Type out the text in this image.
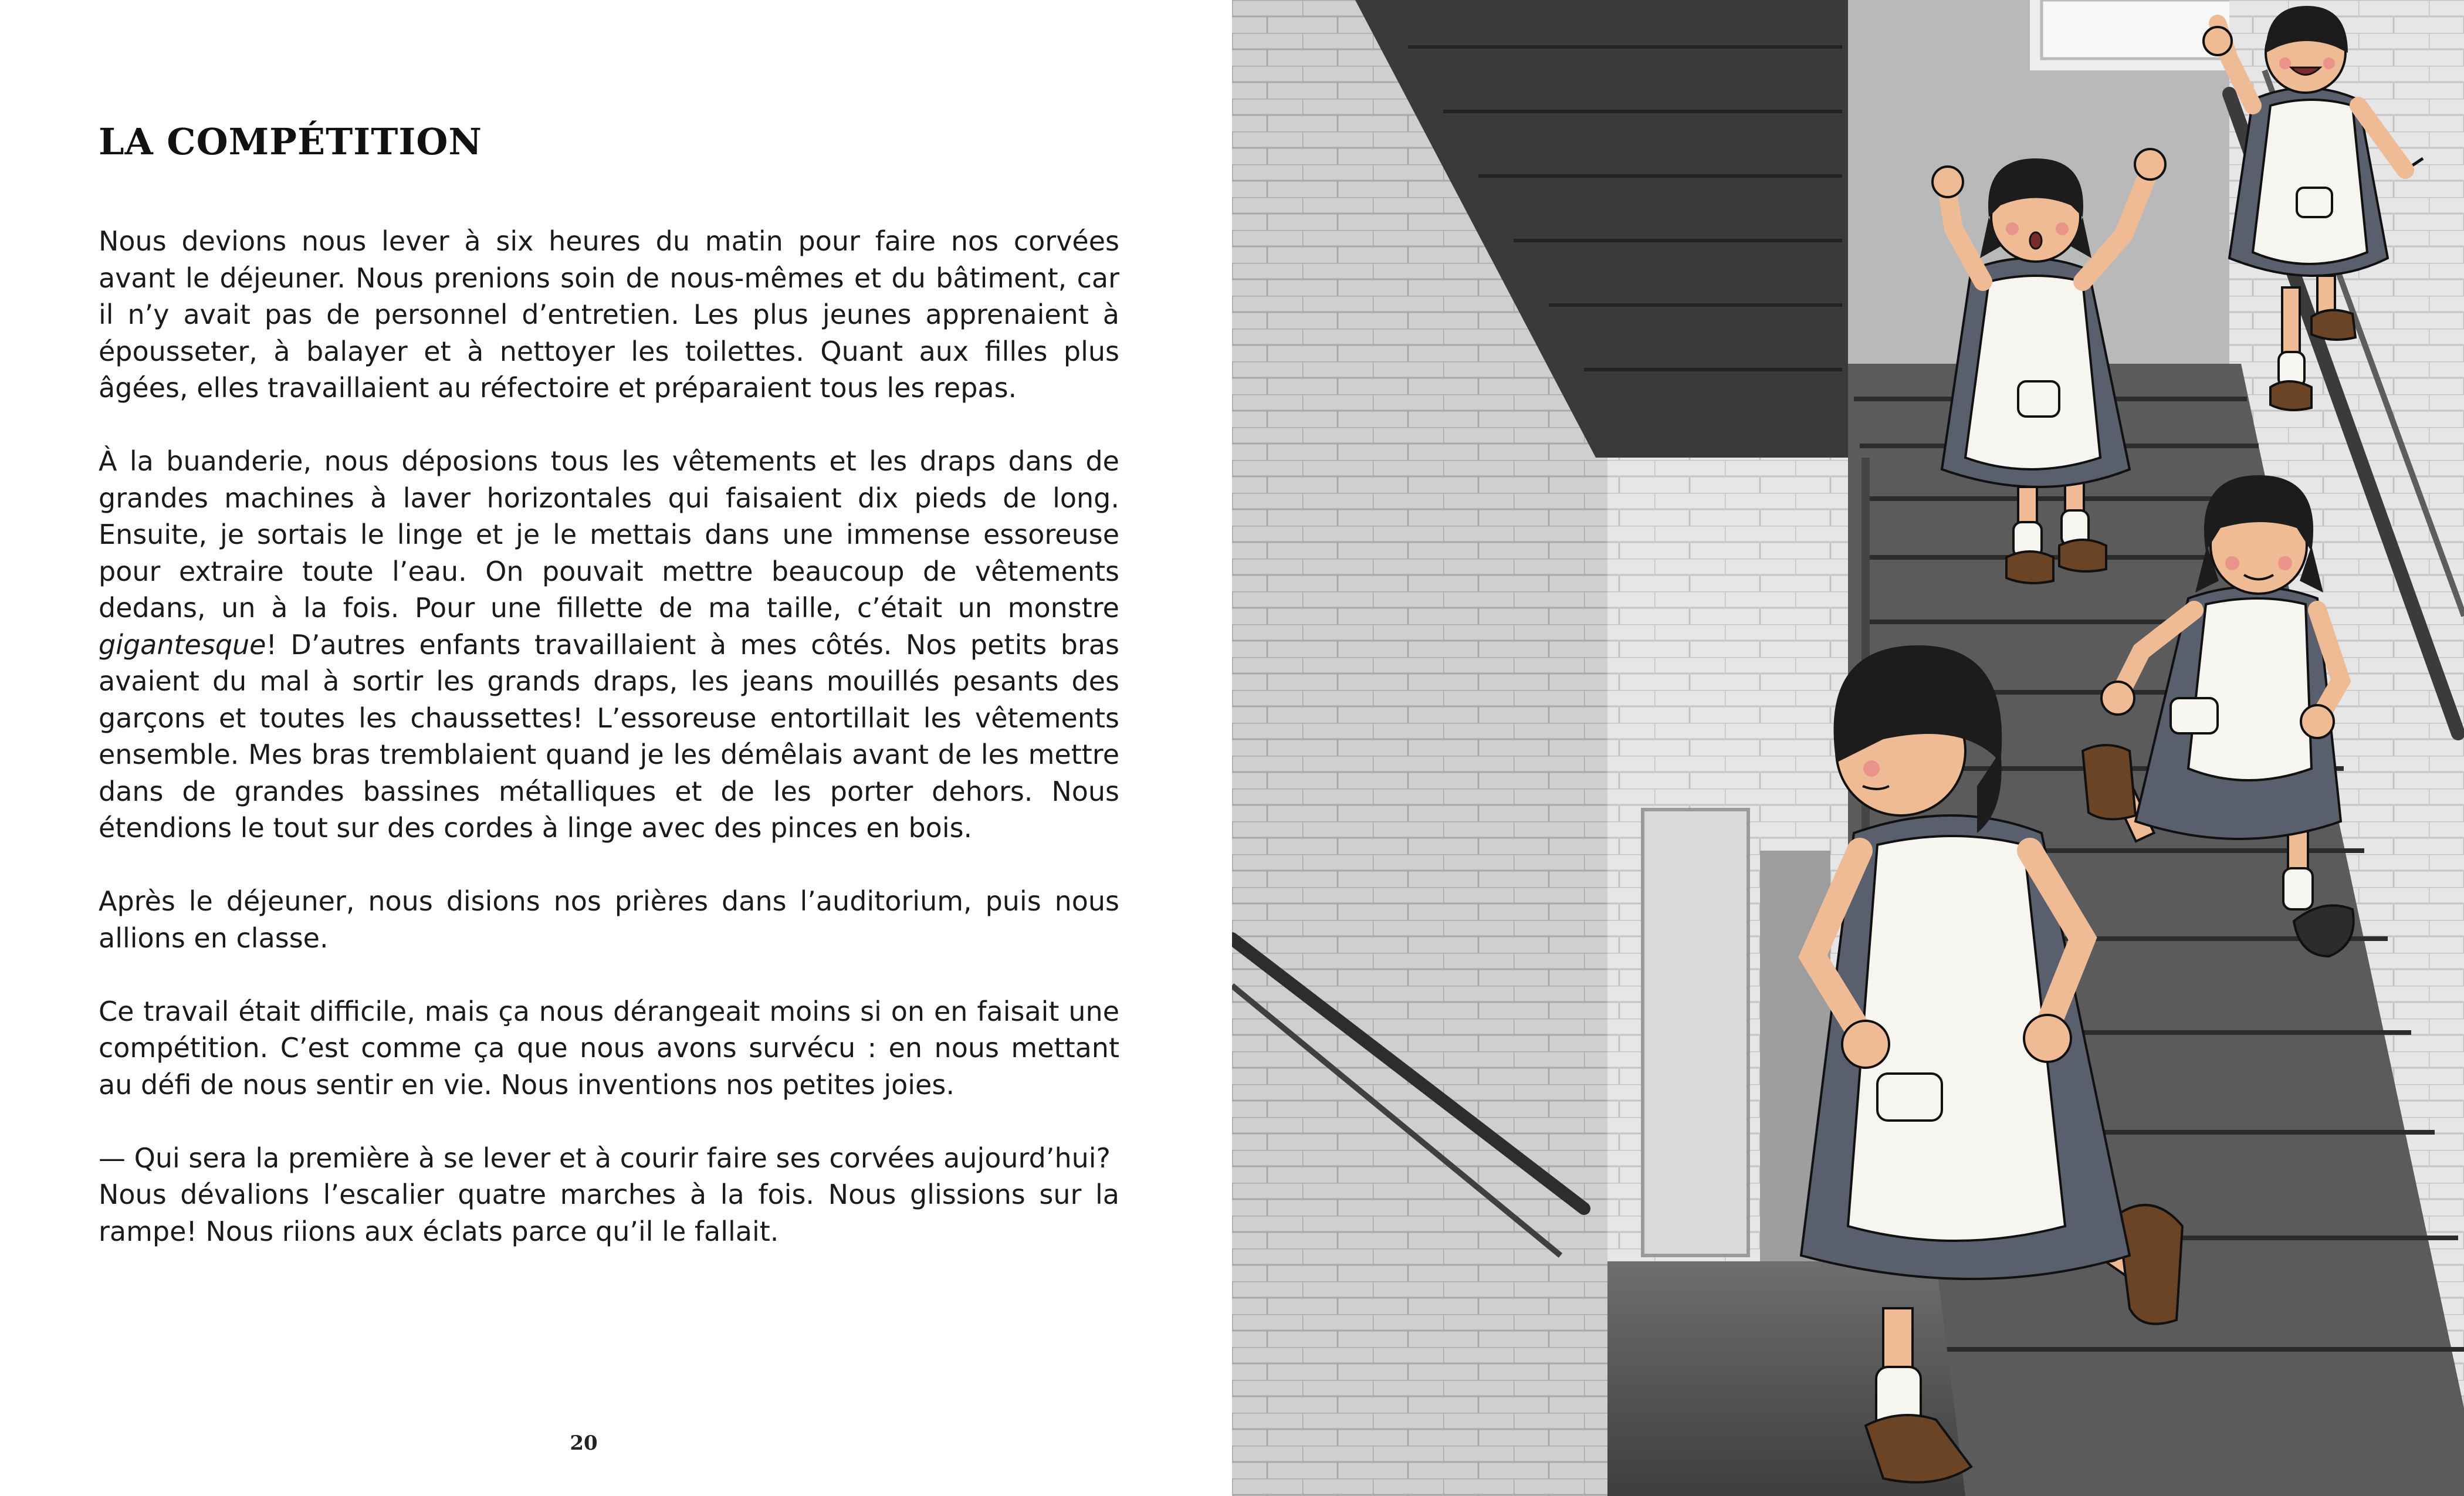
LA COMPÉTITION

Nous devions nous lever à six heures du matin pour faire nos corvées avant le déjeuner. Nous prenions soin de nous-mêmes et du bâtiment, car il n’y avait pas de personnel d’entretien. Les plus jeunes apprenaient à épousseter, à balayer et à nettoyer les toilettes. Quant aux filles plus âgées, elles travaillaient au réfectoire et préparaient tous les repas.

À la buanderie, nous déposions tous les vêtements et les draps dans de grandes machines à laver horizontales qui faisaient dix pieds de long. Ensuite, je sortais le linge et je le mettais dans une immense essoreuse pour extraire toute l’eau. On pouvait mettre beaucoup de vêtements dedans, un à la fois. Pour une fillette de ma taille, c’était un monstre gigantesque! D’autres enfants travaillaient à mes côtés. Nos petits bras avaient du mal à sortir les grands draps, les jeans mouillés pesants des garçons et toutes les chaussettes! L’essoreuse entortillait les vêtements ensemble. Mes bras tremblaient quand je les démêlais avant de les mettre dans de grandes bassines métalliques et de les porter dehors. Nous étendions le tout sur des cordes à linge avec des pinces en bois.

Après le déjeuner, nous disions nos prières dans l’auditorium, puis nous allions en classe.

Ce travail était difficile, mais ça nous dérangeait moins si on en faisait une compétition. C’est comme ça que nous avons survécu : en nous mettant au défi de nous sentir en vie. Nous inventions nos petites joies.

— Qui sera la première à se lever et à courir faire ses corvées aujourd’hui?

Nous dévalions l’escalier quatre marches à la fois. Nous glissions sur la rampe! Nous riions aux éclats parce qu’il le fallait.

20
